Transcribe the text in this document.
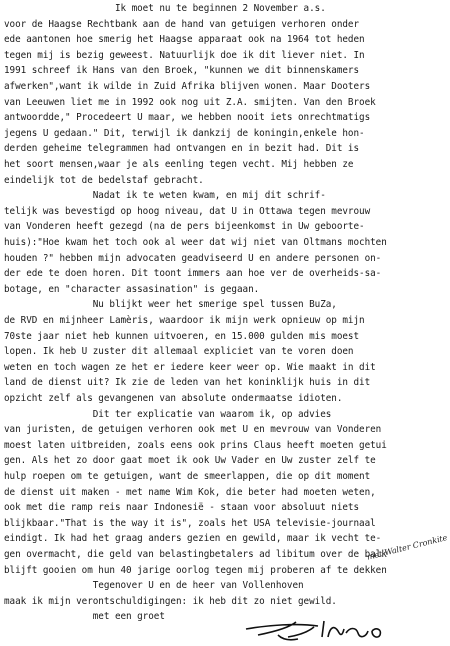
Ik moet nu te beginnen 2 November a.s.
voor de Haagse Rechtbank aan de hand van getuigen verhoren onder
ede aantonen hoe smerig het Haagse apparaat ook na 1964 tot heden
tegen mij is bezig geweest. Natuurlijk doe ik dit liever niet. In
1991 schreef ik Hans van den Broek, "kunnen we dit binnenskamers
afwerken",want ik wilde in Zuid Afrika blijven wonen. Maar Dooters
van Leeuwen liet me in 1992 ook nog uit Z.A. smijten. Van den Broek
antwoordde," Procedeert U maar, we hebben nooit iets onrechtmatigs
jegens U gedaan." Dit, terwijl ik dankzij de koningin,enkele hon-
derden geheime telegrammen had ontvangen en in bezit had. Dit is
het soort mensen,waar je als eenling tegen vecht. Mij hebben ze
eindelijk tot de bedelstaf gebracht.
Nadat ik te weten kwam, en mij dit schrif-
telijk was bevestigd op hoog niveau, dat U in Ottawa tegen mevrouw
van Vonderen heeft gezegd (na de pers bijeenkomst in Uw geboorte-
huis):"Hoe kwam het toch ook al weer dat wij niet van Oltmans mochten
houden ?" hebben mijn advocaten geadviseerd U en andere personen on-
der ede te doen horen. Dit toont immers aan hoe ver de overheids-sa-
botage, en "character assasination" is gegaan.
Nu blijkt weer het smerige spel tussen BuZa,
de RVD en mijnheer Lamèris, waardoor ik mijn werk opnieuw op mijn
70ste jaar niet heb kunnen uitvoeren, en 15.000 gulden mis moest
lopen. Ik heb U zuster dit allemaal expliciet van te voren doen
weten en toch wagen ze het er iedere keer weer op. Wie maakt in dit
land de dienst uit? Ik zie de leden van het koninklijk huis in dit
opzicht zelf als gevangenen van absolute ondermaatse idioten.
Dit ter explicatie van waarom ik, op advies
van juristen, de getuigen verhoren ook met U en mevrouw van Vonderen
moest laten uitbreiden, zoals eens ook prins Claus heeft moeten getui
gen. Als het zo door gaat moet ik ook Uw Vader en Uw zuster zelf te
hulp roepen om te getuigen, want de smeerlappen, die op dit moment
de dienst uit maken - met name Wim Kok, die beter had moeten weten,
ook met die ramp reis naar Indonesië - staan voor absoluut niets
blijkbaar."That is the way it is", zoals het USA televisie-journaal
eindigt. Ik had het graag anders gezien en gewild, maar ik vecht te-
gen overmacht, die geld van belastingbetalers ad libitum over de balk
blijft gooien om hun 40 jarige oorlog tegen mij proberen af te dekken
Tegenover U en de heer van Vollenhoven
maak ik mijn verontschuldigingen: ik heb dit zo niet gewild.
met een groet
met Walter Cronkite
